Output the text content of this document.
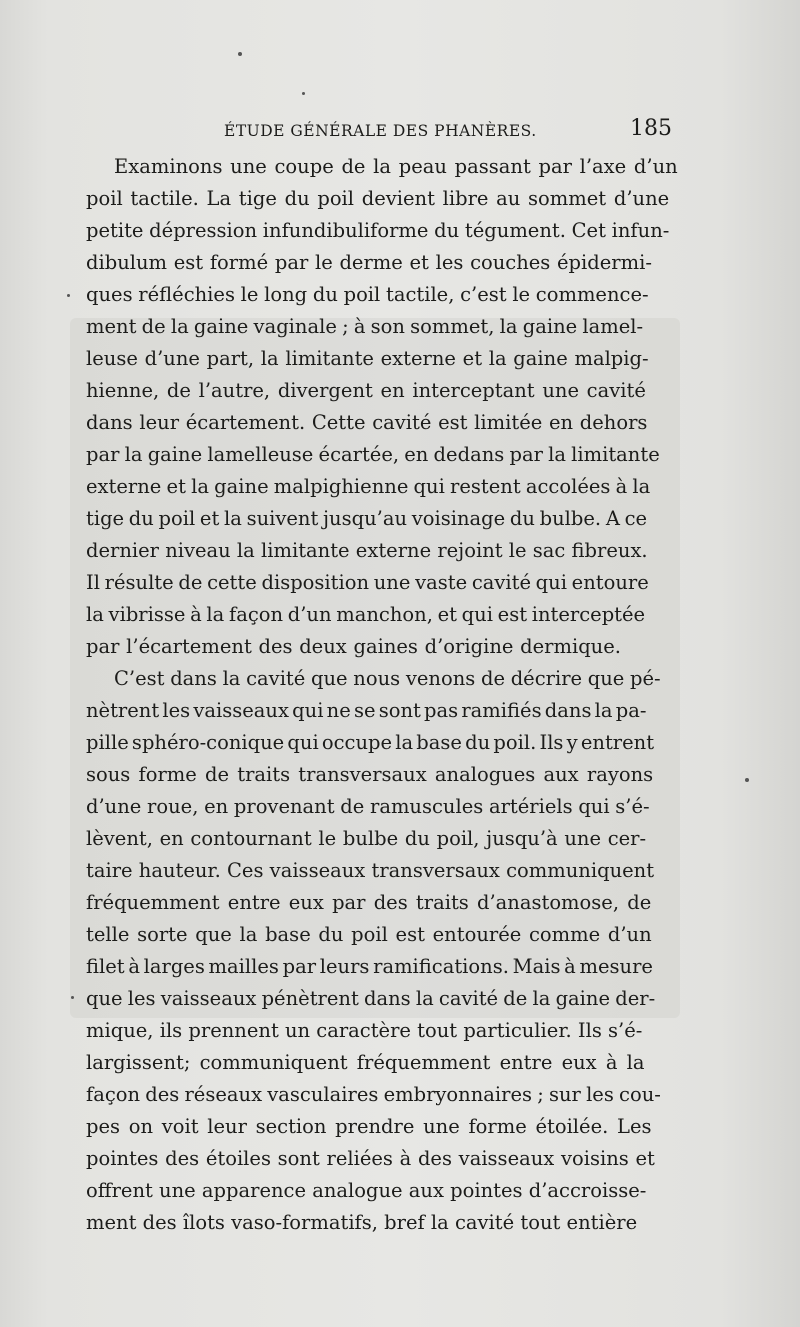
ÉTUDE GÉNÉRALE DES PHANÈRES.	185
Examinons une coupe de la peau passant par l’axe d’un
poil tactile. La tige du poil devient libre au sommet d’une
petite dépression infundibuliforme du tégument. Cet infun-
dibulum est formé par le derme et les couches épidermi-
ques réfléchies le long du poil tactile, c’est le commence-
ment de la gaine vaginale ; à son sommet, la gaine lamel-
leuse d’une part, la limitante externe et la gaine malpig-
hienne, de l’autre, divergent en interceptant une cavité
dans leur écartement. Cette cavité est limitée en dehors
par la gaine lamelleuse écartée, en dedans par la limitante
externe et la gaine malpighienne qui restent accolées à la
tige du poil et la suivent jusqu’au voisinage du bulbe. A ce
dernier niveau la limitante externe rejoint le sac fibreux.
Il résulte de cette disposition une vaste cavité qui entoure
la vibrisse à la façon d’un manchon, et qui est interceptée
par l’écartement des deux gaines d’origine dermique.
C’est dans la cavité que nous venons de décrire que pé-
nètrent les vaisseaux qui ne se sont pas ramifiés dans la pa-
pille sphéro-conique qui occupe la base du poil. Ils y entrent
sous forme de traits transversaux analogues aux rayons
d’une roue, en provenant de ramuscules artériels qui s’é-
lèvent, en contournant le bulbe du poil, jusqu’à une cer-
taire hauteur. Ces vaisseaux transversaux communiquent
fréquemment entre eux par des traits d’anastomose, de
telle sorte que la base du poil est entourée comme d’un
filet à larges mailles par leurs ramifications. Mais à mesure
que les vaisseaux pénètrent dans la cavité de la gaine der-
mique, ils prennent un caractère tout particulier. Ils s’é-
largissent; communiquent fréquemment entre eux à la
façon des réseaux vasculaires embryonnaires ; sur les cou-
pes on voit leur section prendre une forme étoilée. Les
pointes des étoiles sont reliées à des vaisseaux voisins et
offrent une apparence analogue aux pointes d’accroisse-
ment des îlots vaso-formatifs, bref la cavité tout entière
